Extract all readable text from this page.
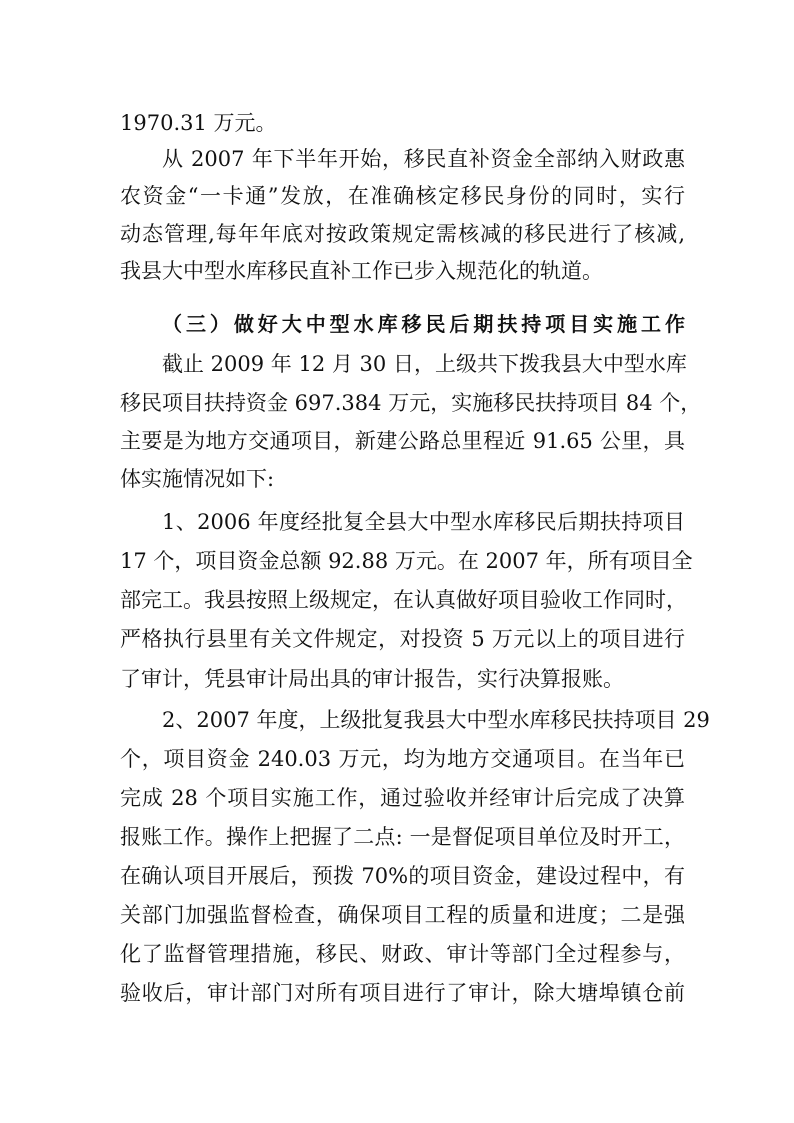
1970.31 万元。
从 2007 年下半年开始，移民直补资金全部纳入财政惠
农资金“一卡通”发放，在准确核定移民身份的同时，实行
动态管理,每年年底对按政策规定需核减的移民进行了核减,
我县大中型水库移民直补工作已步入规范化的轨道。
（三）做好大中型水库移民后期扶持项目实施工作
截止 2009 年 12 月 30 日，上级共下拨我县大中型水库
移民项目扶持资金 697.384 万元，实施移民扶持项目 84 个，
主要是为地方交通项目，新建公路总里程近 91.65 公里，具
体实施情况如下:
1、2006 年度经批复全县大中型水库移民后期扶持项目
17 个，项目资金总额 92.88 万元。在 2007 年，所有项目全
部完工。我县按照上级规定，在认真做好项目验收工作同时，
严格执行县里有关文件规定，对投资 5 万元以上的项目进行
了审计，凭县审计局出具的审计报告，实行决算报账。
2、2007 年度，上级批复我县大中型水库移民扶持项目 29
个，项目资金 240.03 万元，均为地方交通项目。在当年已
完成 28 个项目实施工作，通过验收并经审计后完成了决算
报账工作。操作上把握了二点: 一是督促项目单位及时开工，
在确认项目开展后，预拨 70%的项目资金，建设过程中，有
关部门加强监督检查，确保项目工程的质量和进度；二是强
化了监督管理措施，移民、财政、审计等部门全过程参与，
验收后，审计部门对所有项目进行了审计，除大塘埠镇仓前
